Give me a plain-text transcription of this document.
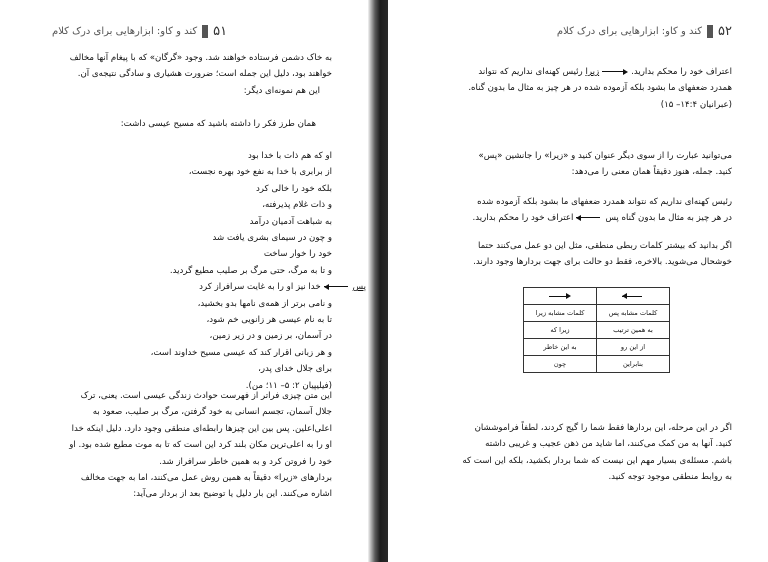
۵۱
کند و کاو: ابزارهایی برای درک کلام
به خاک دشمن فرستاده خواهند شد. وجود «گرگان» که با پیغام آنها مخالف
خواهند بود، دلیل این جمله است؛ ضرورت هشیاری و سادگی نتیجه‌ی آن.
این هم نمونه‌ای دیگر:
همان طرز فکر را داشته باشید که مسیح عیسی داشت:
او که هم ذات با خدا بود
از برابری با خدا به نفع خود بهره نجست،
بلکه خود را خالی کرد
و ذات غلام پذیرفته،
به شباهت آدمیان درآمد
و چون در سیمای بشری یافت شد
خود را خوار ساخت
و تا به مرگ، حتی مرگ بر صلیب مطیع گردید.
پسخدا نیز او را به غایت سرافراز کرد
و نامی برتر از همه‌ی نامها بدو بخشید،
تا به نام عیسی هر زانویی خم شود،
در آسمان، بر زمین و در زیر زمین،
و هر زبانی اقرار کند که عیسی مسیح خداوند است،
برای جلال خدای پدر،
(فیلیپیان ۲: ۵– ۱۱؛ من).
این متن چیزی فراتر از فهرست حوادث زندگی عیسی است. یعنی، ترک
جلال آسمان، تجسم انسانی به خود گرفتن، مرگ بر صلیب، صعود به
اعلی‌اعلین. پس بین این چیزها رابطه‌ای منطقی وجود دارد. دلیل اینکه خدا
او را به اعلی‌ترین مکان بلند کرد این است که تا به موت مطیع شده بود. او
خود را فروتن کرد و به همین خاطر سرافراز شد.
بردارهای «زیرا» دقیقاً به همین روش عمل می‌کنند، اما به جهت مخالف
اشاره می‌کنند. این بار دلیل یا توضیح بعد از بردار می‌آید:
۵۲
کند و کاو: ابزارهایی برای درک کلام
اعتراف خود را محکم بدارید.زیرا رئیس کهنه‌ای نداریم که نتواند
همدرد ضعفهای ما بشود بلکه آزموده شده در هر چیز به مثال ما بدون گناه.
(عبرانیان ۱۴:۴– ۱۵)
می‌توانید عبارت را از سوی دیگر عنوان کنید و «زیرا» را جانشین «پس»
کنید. جمله، هنوز دقیقاً همان معنی را می‌دهد:
رئیس کهنه‌ای نداریم که نتواند همدرد ضعفهای ما بشود بلکه آزموده شده
در هر چیز به مثال ما بدون گناه پساعتراف خود را محکم بدارید.
اگر بدانید که بیشتر کلمات ربطی منطقی، مثل این دو عمل می‌کنند حتما
خوشحال می‌شوید. بالاخره، فقط دو حالت برای جهت بردارها وجود دارند.

کلمات مشابه پس	کلمات مشابه زیرا
به همین ترتیب	زیرا که
از این رو	به این خاطر
بنابراین	چون
اگر در این مرحله، این بردارها فقط شما را گیج کردند، لطفاً فراموششان
کنید. آنها به من کمک می‌کنند، اما شاید من ذهن عجیب و غریبی داشته
باشم. مسئله‌ی بسیار مهم این نیست که شما بردار بکشید، بلکه این است که
به روابط منطقی موجود توجه کنید.
